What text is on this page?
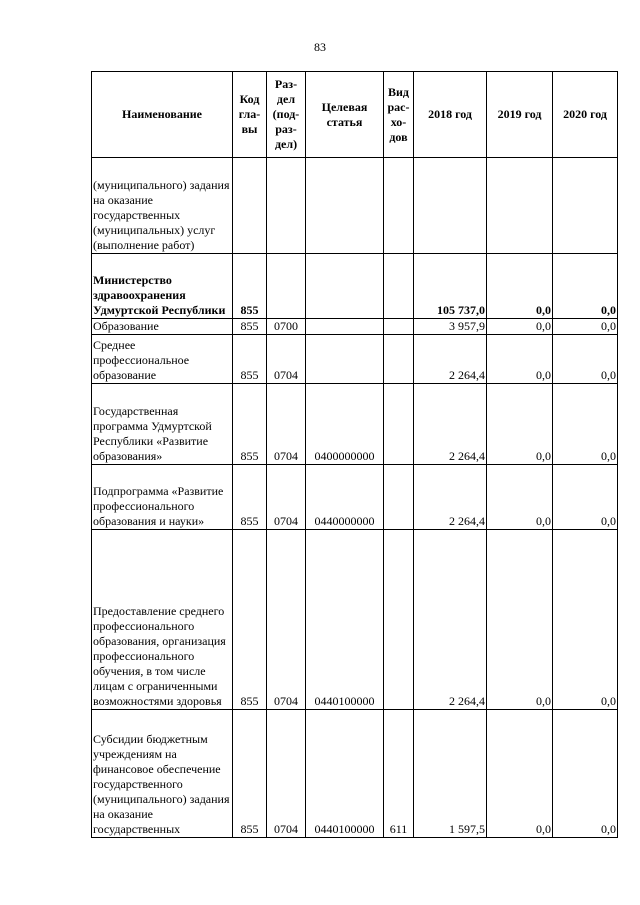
83
Наименование	Код гла- вы	Раз- дел (под- раз- дел)	Целевая статья	Вид рас- хо- дов	2018 год	2019 год	2020 год
(муниципального) задания на оказание государственных (муниципальных) услуг (выполнение работ)							
Министерство здравоохранения Удмуртской Республики	855				105 737,0	0,0	0,0
Образование	855	0700			3 957,9	0,0	0,0
Среднее профессиональное образование	855	0704			2 264,4	0,0	0,0
Государственная программа Удмуртской Республики «Развитие образования»	855	0704	0400000000		2 264,4	0,0	0,0
Подпрограмма «Развитие профессионального образования и науки»	855	0704	0440000000		2 264,4	0,0	0,0
Предоставление среднего профессионального образования, организация профессионального обучения, в том числе лицам с ограниченными возможностями здоровья	855	0704	0440100000		2 264,4	0,0	0,0
Субсидии бюджетным учреждениям на финансовое обеспечение государственного (муниципального) задания на оказание государственных	855	0704	0440100000	611	1 597,5	0,0	0,0
